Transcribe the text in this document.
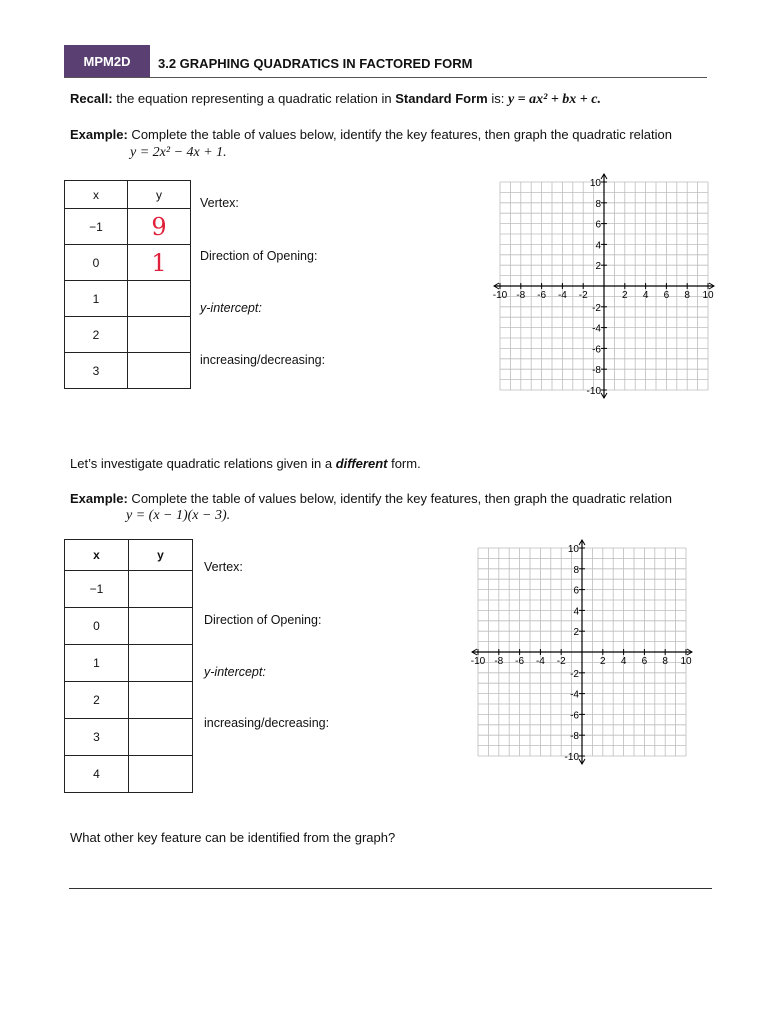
MPM2D	3.2 GRAPHING QUADRATICS IN FACTORED FORM
Recall: the equation representing a quadratic relation in Standard Form is: y = ax² + bx + c.
Example: Complete the table of values below, identify the key features, then graph the quadratic relation
y = 2x² − 4x + 1.
x	y
−1	9
0	1
1	
2	
3	
Vertex:
Direction of Opening:
y-intercept:
increasing/decreasing:
-10 -8 -6 -4 -2	2 4 6 8 10
10
8
6
4
2
-2
-4
-6
-8
-10
Let’s investigate quadratic relations given in a different form.
Example: Complete the table of values below, identify the key features, then graph the quadratic relation
y = (x − 1)(x − 3).
x	y
−1	
0	
1	
2	
3	
4	
Vertex:
Direction of Opening:
y-intercept:
increasing/decreasing:
-10 -8 -6 -4 -2	2 4 6 8 10
10
8
6
4
2
-2
-4
-6
-8
-10
What other key feature can be identified from the graph?
